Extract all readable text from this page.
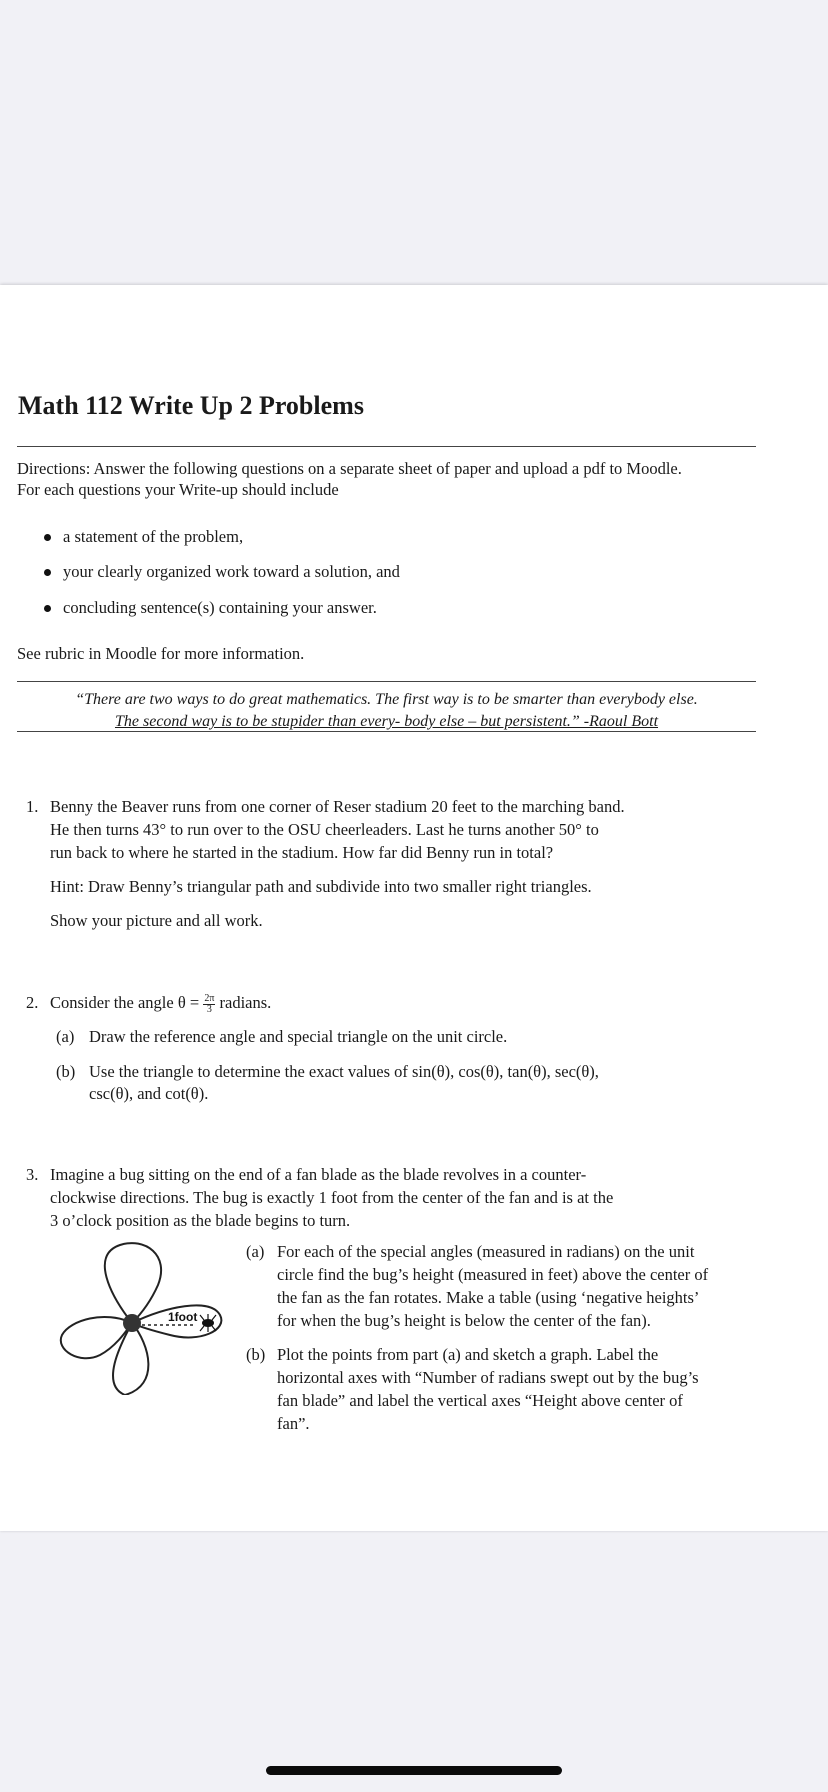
Math 112 Write Up 2 Problems
Directions: Answer the following questions on a separate sheet of paper and upload a pdf to Moodle.
For each questions your Write-up should include
a statement of the problem,
your clearly organized work toward a solution, and
concluding sentence(s) containing your answer.
See rubric in Moodle for more information.
“There are two ways to do great mathematics. The first way is to be smarter than everybody else.
The second way is to be stupider than every- body else – but persistent.” -Raoul Bott
1. Benny the Beaver runs from one corner of Reser stadium 20 feet to the marching band.
He then turns 43° to run over to the OSU cheerleaders. Last he turns another 50° to
run back to where he started in the stadium. How far did Benny run in total?
Hint: Draw Benny’s triangular path and subdivide into two smaller right triangles.
Show your picture and all work.
2. Consider the angle $\theta = \frac{2\pi}{3}$ radians.
(a) Draw the reference angle and special triangle on the unit circle.
(b) Use the triangle to determine the exact values of sin(θ), cos(θ), tan(θ), sec(θ),
csc(θ), and cot(θ).
3. Imagine a bug sitting on the end of a fan blade as the blade revolves in a counter-
clockwise directions. The bug is exactly 1 foot from the center of the fan and is at the
3 o’clock position as the blade begins to turn.
1foot
(a) For each of the special angles (measured in radians) on the unit
circle find the bug’s height (measured in feet) above the center of
the fan as the fan rotates. Make a table (using ‘negative heights’
for when the bug’s height is below the center of the fan).
(b) Plot the points from part (a) and sketch a graph. Label the
horizontal axes with “Number of radians swept out by the bug’s
fan blade” and label the vertical axes “Height above center of
fan”.
